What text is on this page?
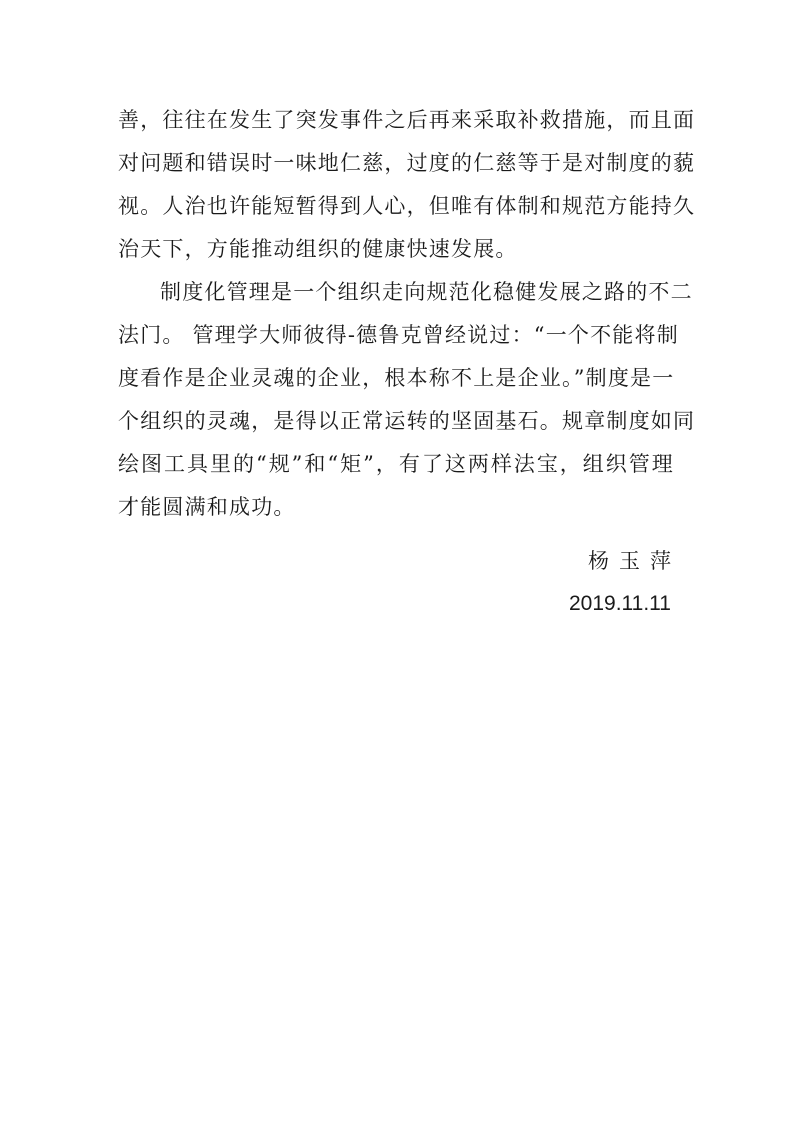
善，往往在发生了突发事件之后再来采取补救措施，而且面
对问题和错误时一味地仁慈，过度的仁慈等于是对制度的藐
视。人治也许能短暂得到人心，但唯有体制和规范方能持久
治天下，方能推动组织的健康快速发展。
制度化管理是一个组织走向规范化稳健发展之路的不二
法门。 管理学大师彼得-德鲁克曾经说过：“一个不能将制
度看作是企业灵魂的企业，根本称不上是企业。”制度是一
个组织的灵魂，是得以正常运转的坚固基石。规章制度如同
绘图工具里的“规”和“矩”，有了这两样法宝，组织管理
才能圆满和成功。
杨玉萍
2019.11.11
